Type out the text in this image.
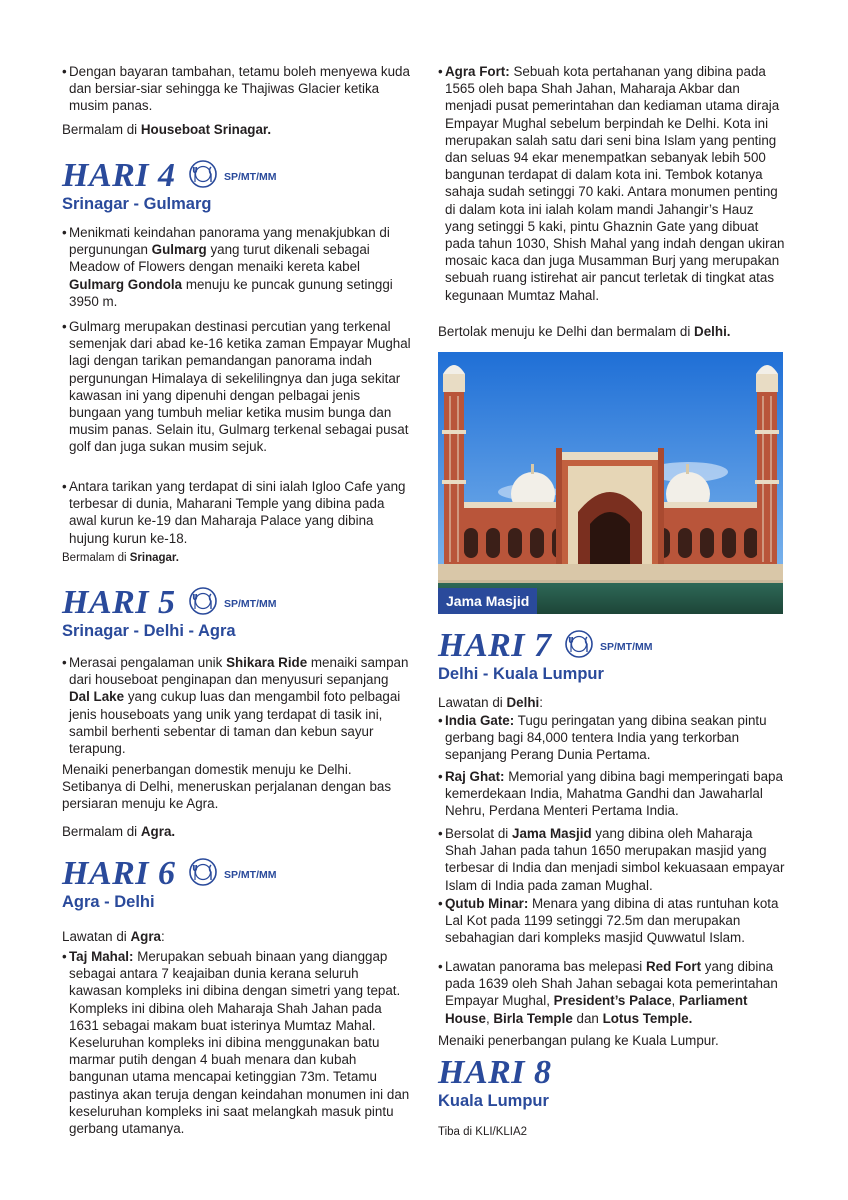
• Dengan bayaran tambahan, tetamu boleh menyewa kuda dan bersiar-siar sehingga ke Thajiwas Glacier ketika musim panas.

Bermalam di Houseboat Srinagar.

HARI 4	SP/MT/MM
Srinagar - Gulmarg
• Menikmati keindahan panorama yang menakjubkan di pergunungan Gulmarg yang turut dikenali sebagai Meadow of Flowers dengan menaiki kereta kabel Gulmarg Gondola menuju ke puncak gunung setinggi 3950 m.
• Gulmarg merupakan destinasi percutian yang terkenal semenjak dari abad ke-16 ketika zaman Empayar Mughal lagi dengan tarikan pemandangan panorama indah pergunungan Himalaya di sekelilingnya dan juga sekitar kawasan ini yang dipenuhi dengan pelbagai jenis bungaan yang tumbuh meliar ketika musim bunga dan musim panas. Selain itu, Gulmarg terkenal sebagai pusat golf dan juga sukan musim sejuk.
• Antara tarikan yang terdapat di sini ialah Igloo Cafe yang terbesar di dunia, Maharani Temple yang dibina pada awal kurun ke-19 dan Maharaja Palace yang dibina hujung kurun ke-18.

Bermalam di Srinagar.

HARI 5	SP/MT/MM
Srinagar - Delhi - Agra
• Merasai pengalaman unik Shikara Ride menaiki sampan dari houseboat penginapan dan menyusuri sepanjang Dal Lake yang cukup luas dan mengambil foto pelbagai jenis houseboats yang unik yang terdapat di tasik ini, sambil berhenti sebentar di taman dan kebun sayur terapung.

Menaiki penerbangan domestik menuju ke Delhi. Setibanya di Delhi, meneruskan perjalanan dengan bas persiaran menuju ke Agra.

Bermalam di Agra.

HARI 6	SP/MT/MM
Agra - Delhi

Lawatan di Agra:

• Taj Mahal: Merupakan sebuah binaan yang dianggap sebagai antara 7 keajaiban dunia kerana seluruh kawasan kompleks ini dibina dengan simetri yang tepat. Kompleks ini dibina oleh Maharaja Shah Jahan pada 1631 sebagai makam buat isterinya Mumtaz Mahal. Keseluruhan kompleks ini dibina menggunakan batu marmar putih dengan 4 buah menara dan kubah bangunan utama mencapai ketinggian 73m. Tetamu pastinya akan teruja dengan keindahan monumen ini dan keseluruhan kompleks ini saat melangkah masuk pintu gerbang utamanya.
• Agra Fort: Sebuah kota pertahanan yang dibina pada 1565 oleh bapa Shah Jahan, Maharaja Akbar dan menjadi pusat pemerintahan dan kediaman utama diraja Empayar Mughal sebelum berpindah ke Delhi. Kota ini merupakan salah satu dari seni bina Islam yang penting dan seluas 94 ekar menempatkan sebanyak lebih 500 bangunan terdapat di dalam kota ini. Tembok kotanya sahaja sudah setinggi 70 kaki. Antara monumen penting di dalam kota ini ialah kolam mandi Jahangir’s Hauz yang setinggi 5 kaki, pintu Ghaznin Gate yang dibuat pada tahun 1030, Shish Mahal yang indah dengan ukiran mosaic kaca dan juga Musamman Burj yang merupakan sebuah ruang istirehat air pancut terletak di tingkat atas kegunaan Mumtaz Mahal.

Bertolak menuju ke Delhi dan bermalam di Delhi.

Jama Masjid
HARI 7	SP/MT/MM
Delhi - Kuala Lumpur

Lawatan di Delhi:

• India Gate: Tugu peringatan yang dibina seakan pintu gerbang bagi 84,000 tentera India yang terkorban sepanjang Perang Dunia Pertama.
• Raj Ghat: Memorial yang dibina bagi memperingati bapa kemerdekaan India, Mahatma Gandhi dan Jawaharlal Nehru, Perdana Menteri Pertama India.
• Bersolat di Jama Masjid yang dibina oleh Maharaja Shah Jahan pada tahun 1650 merupakan masjid yang terbesar di India dan menjadi simbol kekuasaan empayar Islam di India pada zaman Mughal.
• Qutub Minar: Menara yang dibina di atas runtuhan kota Lal Kot pada 1199 setinggi 72.5m dan merupakan sebahagian dari kompleks masjid Quwwatul Islam.
• Lawatan panorama bas melepasi Red Fort yang dibina pada 1639 oleh Shah Jahan sebagai kota pemerintahan Empayar Mughal, President’s Palace, Parliament House, Birla Temple dan Lotus Temple.

Menaiki penerbangan pulang ke Kuala Lumpur.

HARI 8
Kuala Lumpur

Tiba di KLI/KLIA2
